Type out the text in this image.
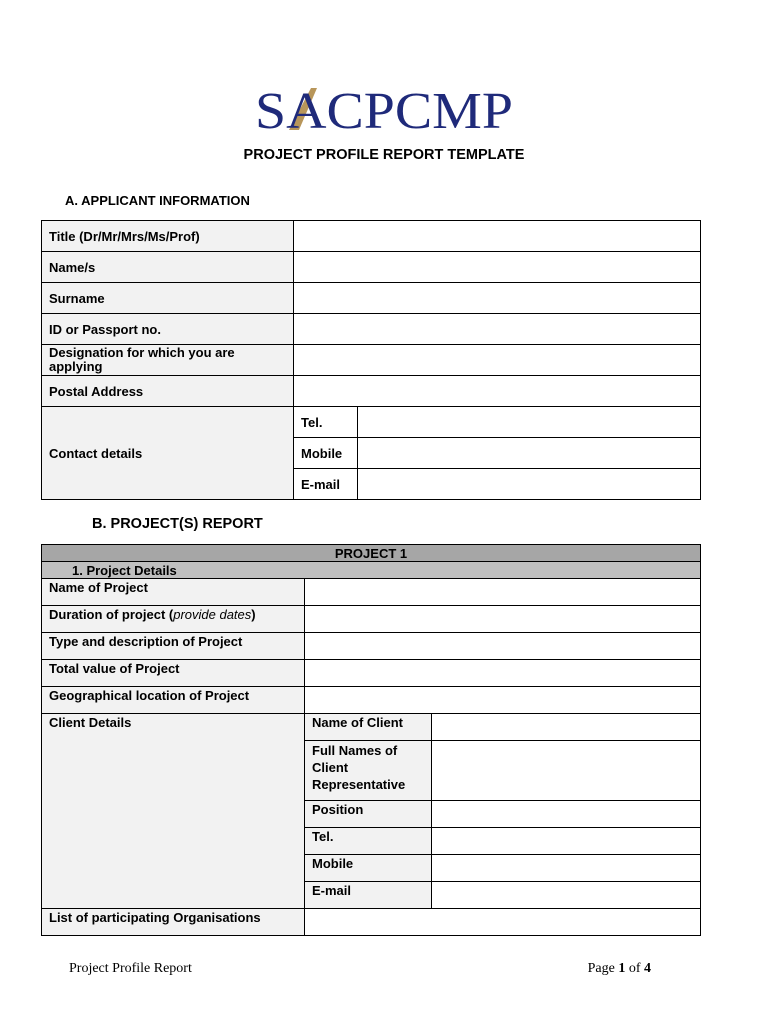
SACPCMP
PROJECT PROFILE REPORT TEMPLATE
A. APPLICANT INFORMATION
Title (Dr/Mr/Mrs/Ms/Prof)		
Name/s		
Surname		
ID or Passport no.		
Designation for which you are applying		
Postal Address		
Contact details	Tel.	
	Mobile	
	E-mail	
B. PROJECT(S) REPORT
PROJECT 1		
1. Project Details		
Name of Project		
Duration of project (provide dates)		
Type and description of Project		
Total value of Project		
Geographical location of Project		
Client Details	Name of Client	
	Full Names of Client Representative	
	Position	
	Tel.	
	Mobile	
	E-mail	
List of participating Organisations		
Project Profile Report	Page 1 of 4
